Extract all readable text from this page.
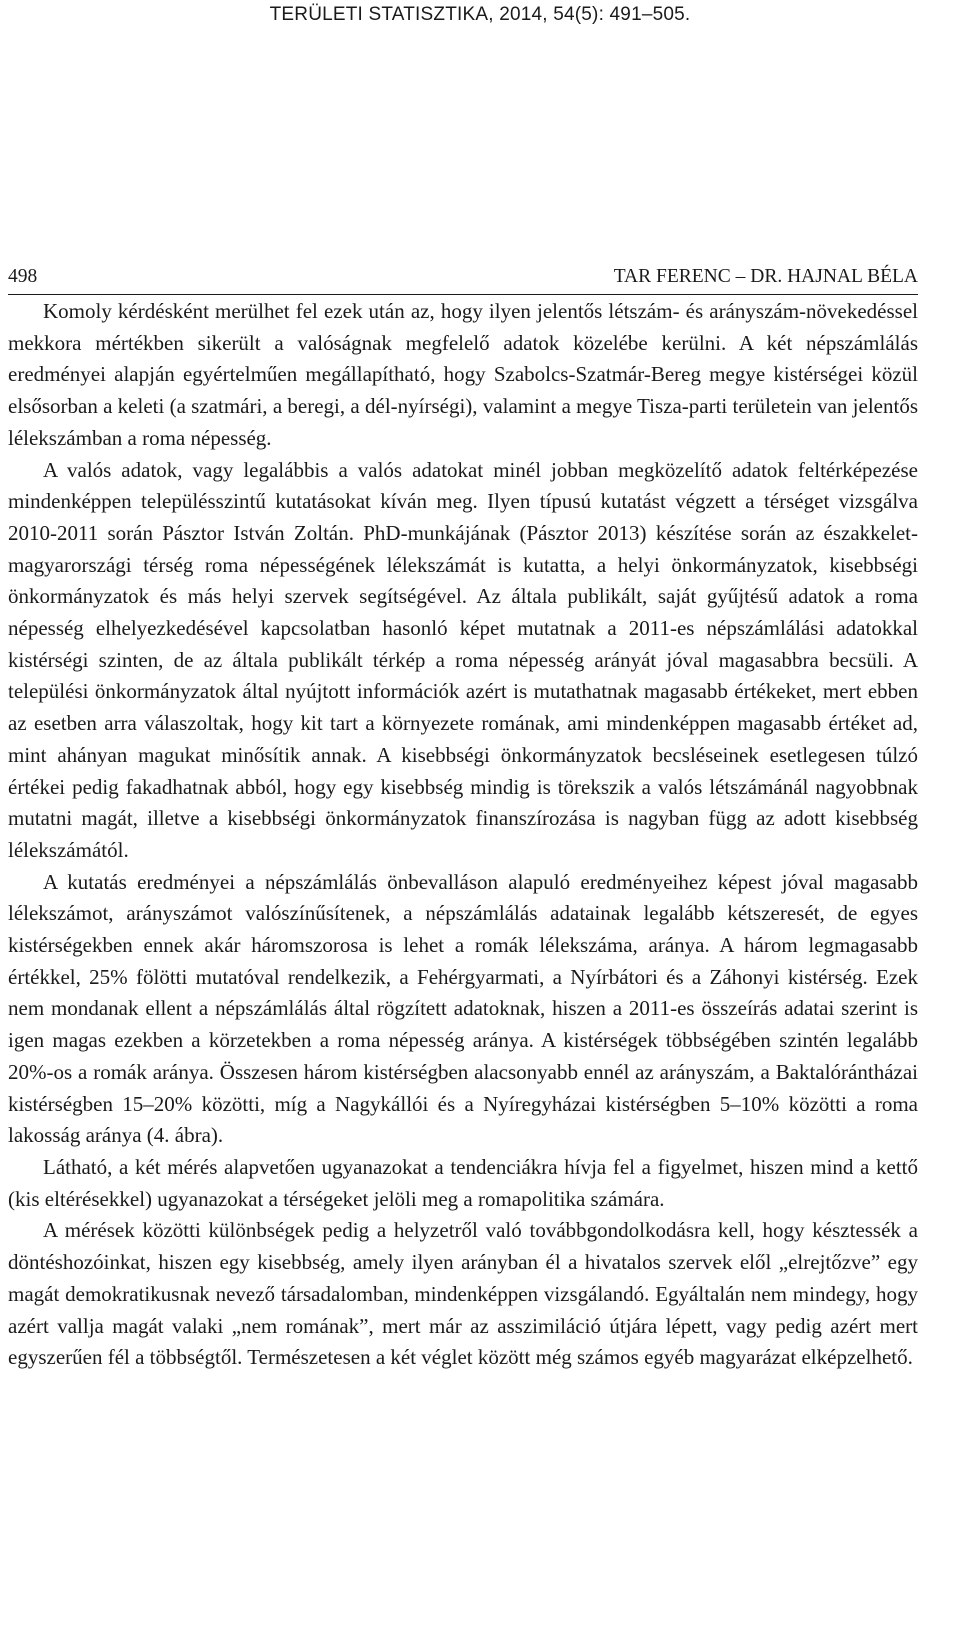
TERÜLETI STATISZTIKA, 2014, 54(5): 491–505.
498	TAR FERENC – DR. HAJNAL BÉLA

Komoly kérdésként merülhet fel ezek után az, hogy ilyen jelentős létszám- és arányszám-növekedéssel mekkora mértékben sikerült a valóságnak megfelelő adatok közelébe kerülni. A két népszámlálás eredményei alapján egyértelműen megállapítható, hogy Szabolcs-Szatmár-Bereg megye kistérségei közül elsősorban a keleti (a szatmári, a beregi, a dél-nyírségi), valamint a megye Tisza-parti területein van jelentős lélekszámban a roma népesség.

A valós adatok, vagy legalábbis a valós adatokat minél jobban megközelítő adatok feltérképezése mindenképpen településszintű kutatásokat kíván meg. Ilyen típusú kutatást végzett a térséget vizsgálva 2010-2011 során Pásztor István Zoltán. PhD-munkájának (Pásztor 2013) készítése során az északkelet-magyarországi térség roma népességének lélekszámát is kutatta, a helyi önkormányzatok, kisebbségi önkormányzatok és más helyi szervek segítségével. Az általa publikált, saját gyűjtésű adatok a roma népesség elhelyezkedésével kapcsolatban hasonló képet mutatnak a 2011-es népszámlálási adatokkal kistérségi szinten, de az általa publikált térkép a roma népesség arányát jóval magasabbra becsüli. A települési önkormányzatok által nyújtott információk azért is mutathatnak magasabb értékeket, mert ebben az esetben arra válaszoltak, hogy kit tart a környezete romának, ami mindenképpen magasabb értéket ad, mint ahányan magukat minősítik annak. A kisebbségi önkormányzatok becsléseinek esetlegesen túlzó értékei pedig fakadhatnak abból, hogy egy kisebbség mindig is törekszik a valós létszámánál nagyobbnak mutatni magát, illetve a kisebbségi önkormányzatok finanszírozása is nagyban függ az adott kisebbség lélekszámától.

A kutatás eredményei a népszámlálás önbevalláson alapuló eredményeihez képest jóval magasabb lélekszámot, arányszámot valószínűsítenek, a népszámlálás adatainak legalább kétszeresét, de egyes kistérségekben ennek akár háromszorosa is lehet a romák lélekszáma, aránya. A három legmagasabb értékkel, 25% fölötti mutatóval rendelkezik, a Fehérgyarmati, a Nyírbátori és a Záhonyi kistérség. Ezek nem mondanak ellent a népszámlálás által rögzített adatoknak, hiszen a 2011-es összeírás adatai szerint is igen magas ezekben a körzetekben a roma népesség aránya. A kistérségek többségében szintén legalább 20%-os a romák aránya. Összesen három kistérségben alacsonyabb ennél az arányszám, a Baktalórántházai kistérségben 15–20% közötti, míg a Nagykállói és a Nyíregyházai kistérségben 5–10% közötti a roma lakosság aránya (4. ábra).

Látható, a két mérés alapvetően ugyanazokat a tendenciákra hívja fel a figyelmet, hiszen mind a kettő (kis eltérésekkel) ugyanazokat a térségeket jelöli meg a romapolitika számára.

A mérések közötti különbségek pedig a helyzetről való továbbgondolkodásra kell, hogy késztessék a döntéshozóinkat, hiszen egy kisebbség, amely ilyen arányban él a hivatalos szervek elől „elrejtőzve” egy magát demokratikusnak nevező társadalomban, mindenképpen vizsgálandó. Egyáltalán nem mindegy, hogy azért vallja magát valaki „nem romának”, mert már az asszimiláció útjára lépett, vagy pedig azért mert egyszerűen fél a többségtől. Természetesen a két véglet között még számos egyéb magyarázat elképzelhető.
